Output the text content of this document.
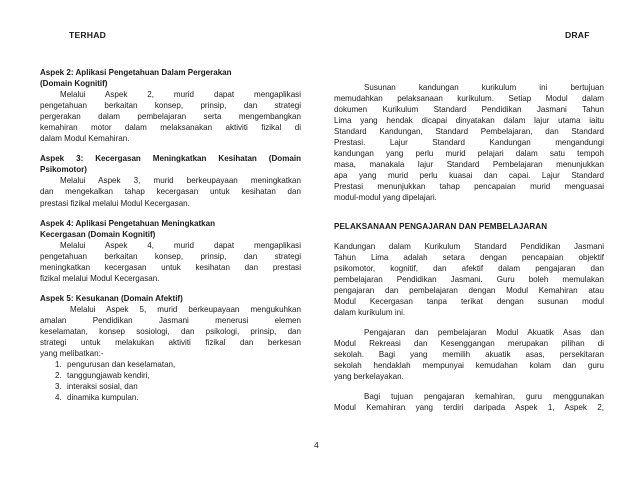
TERHAD	DRAF

Aspek 2: Aplikasi Pengetahuan Dalam Pergerakan

(Domain Kognitif)

Melalui Aspek 2, murid dapat mengaplikasi

pengetahuan berkaitan konsep, prinsip, dan strategi

pergerakan dalam pembelajaran serta mengembangkan

kemahiran motor dalam melaksanakan aktiviti fizikal di

dalam Modul Kemahiran.

Aspek 3: Kecergasan Meningkatkan Kesihatan (Domain

Psikomotor)

Melalui Aspek 3, murid berkeupayaan meningkatkan

dan mengekalkan tahap kecergasan untuk kesihatan dan

prestasi fizikal melalui Modul Kecergasan.

Aspek 4: Aplikasi Pengetahuan Meningkatkan

Kecergasan (Domain Kognitif)

Melalui Aspek 4, murid dapat mengaplikasi

pengetahuan berkaitan konsep, prinsip, dan strategi

meningkatkan kecergasan untuk kesihatan dan prestasi

fizikal melalui Modul Kecergasan.

Aspek 5: Kesukanan (Domain Afektif)

Melalui Aspek 5, murid berkeupayaan mengukuhkan

amalan Pendidikan Jasmani menerusi elemen

keselamatan, konsep sosiologi, dan psikologi, prinsip, dan

strategi untuk melakukan aktiviti fizikal dan berkesan

yang melibatkan:-

1. pengurusan dan keselamatan,
2. tanggungjawab kendiri,
3. interaksi sosial, dan
4. dinamika kumpulan.

Susunan kandungan kurikulum ini bertujuan

memudahkan pelaksanaan kurikulum. Setiap Modul dalam

dokumen Kurikulum Standard Pendidikan Jasmani Tahun

Lima yang hendak dicapai dinyatakan dalam lajur utama iaitu

Standard Kandungan, Standard Pembelajaran, dan Standard

Prestasi. Lajur Standard Kandungan mengandungi

kandungan yang perlu murid pelajari dalam satu tempoh

masa, manakala lajur Standard Pembelajaran menunjukkan

apa yang murid perlu kuasai dan capai. Lajur Standard

Prestasi menunjukkan tahap pencapaian murid menguasai

modul-modul yang dipelajari.

PELAKSANAAN PENGAJARAN DAN PEMBELAJARAN

Kandungan dalam Kurikulum Standard Pendidikan Jasmani

Tahun Lima adalah setara dengan pencapaian objektif

psikomotor, kognitif, dan afektif dalam pengajaran dan

pembelajaran Pendidikan Jasmani. Guru boleh memulakan

pengajaran dan pembelajaran dengan Modul Kemahiran atau

Modul Kecergasan tanpa terikat dengan susunan modul

dalam kurikulum ini.

Pengajaran dan pembelajaran Modul Akuatik Asas dan

Modul Rekreasi dan Kesenggangan merupakan pilihan di

sekolah. Bagi yang memilih akuatik asas, persekitaran

sekolah hendaklah mempunyai kemudahan kolam dan guru

yang berkelayakan.

Bagi tujuan pengajaran kemahiran, guru menggunakan

Modul Kemahiran yang terdiri daripada Aspek 1, Aspek 2,

4
